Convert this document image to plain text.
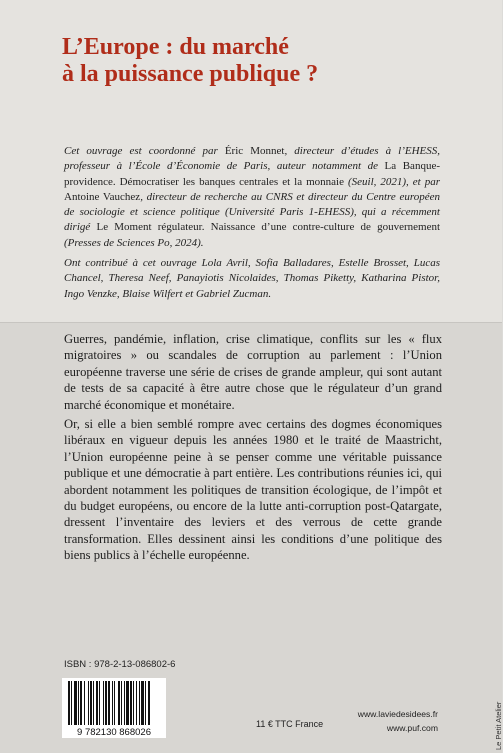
L’Europe : du marché
à la puissance publique ?

Cet ouvrage est coordonné par Éric Monnet, directeur d’études à l’EHESS, professeur à l’École d’Économie de Paris, auteur notamment de La Banque-providence. Démocratiser les banques centrales et la monnaie (Seuil, 2021), et par Antoine Vauchez, directeur de recherche au CNRS et directeur du Centre européen de sociologie et science politique (Université Paris 1-EHESS), qui a récemment dirigé Le Moment régulateur. Naissance d’une contre-culture de gouvernement (Presses de Sciences Po, 2024).

Ont contribué à cet ouvrage Lola Avril, Sofia Balladares, Estelle Brosset, Lucas Chancel, Theresa Neef, Panayiotis Nicolaides, Thomas Piketty, Katharina Pistor, Ingo Venzke, Blaise Wilfert et Gabriel Zucman.

Guerres, pandémie, inflation, crise climatique, conflits sur les « flux migratoires » ou scandales de corruption au parlement : l’Union européenne traverse une série de crises de grande ampleur, qui sont autant de tests de sa capacité à être autre chose que le régulateur d’un grand marché économique et monétaire.

Or, si elle a bien semblé rompre avec certains des dogmes économiques libéraux en vigueur depuis les années 1980 et le traité de Maastricht, l’Union européenne peine à se penser comme une véritable puissance publique et une démocratie à part entière. Les contributions réunies ici, qui abordent notamment les politiques de transition écologique, de l’impôt et du budget européens, ou encore de la lutte anti-corruption post-Qatargate, dressent l’inventaire des leviers et des verrous de cette grande transformation. Elles dessinent ainsi les conditions d’une politique des biens publics à l’échelle européenne.

ISBN : 978-2-13-086802-6
9 782130 868026
11 € TTC France
www.laviedesidees.fr
www.puf.com	Le Petit Atelier
